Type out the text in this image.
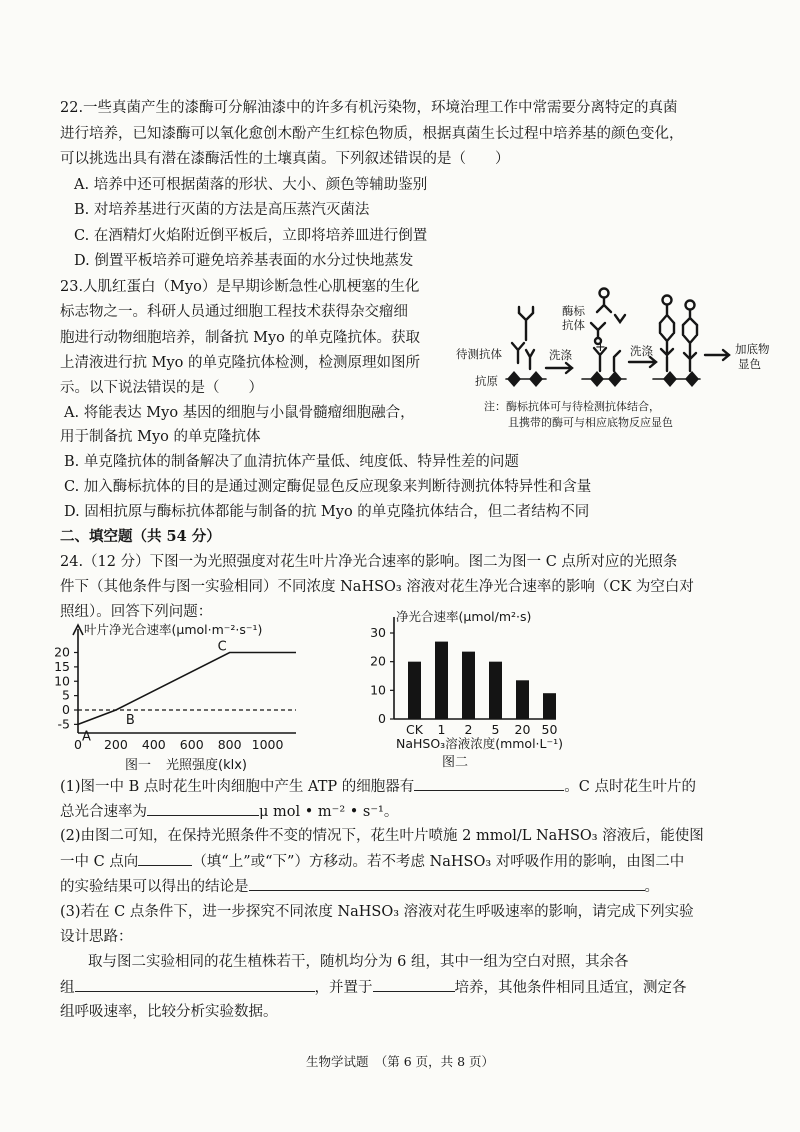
22.一些真菌产生的漆酶可分解油漆中的许多有机污染物，环境治理工作中常需要分离特定的真菌
进行培养，已知漆酶可以氧化愈创木酚产生红棕色物质，根据真菌生长过程中培养基的颜色变化，
可以挑选出具有潜在漆酶活性的土壤真菌。下列叙述错误的是（　　）
A. 培养中还可根据菌落的形状、大小、颜色等辅助鉴别
B. 对培养基进行灭菌的方法是高压蒸汽灭菌法
C. 在酒精灯火焰附近倒平板后，立即将培养皿进行倒置
D. 倒置平板培养可避免培养基表面的水分过快地蒸发
23.人肌红蛋白（Myo）是早期诊断急性心肌梗塞的生化
标志物之一。科研人员通过细胞工程技术获得杂交瘤细
胞进行动物细胞培养，制备抗 Myo 的单克隆抗体。获取
上清液进行抗 Myo 的单克隆抗体检测，检测原理如图所
示。以下说法错误的是（　　）
A. 将能表达 Myo 基因的细胞与小鼠骨髓瘤细胞融合，
用于制备抗 Myo 的单克隆抗体
B. 单克隆抗体的制备解决了血清抗体产量低、纯度低、特异性差的问题
C. 加入酶标抗体的目的是通过测定酶促显色反应现象来判断待测抗体特异性和含量
D. 固相抗原与酶标抗体都能与制备的抗 Myo 的单克隆抗体结合，但二者结构不同
酶标
抗体
+
待测抗体
抗原
洗涤	洗涤	加底物
显色
注：酶标抗体可与待检测抗体结合，
且携带的酶可与相应底物反应显色
二、填空题（共 54 分）
24.（12 分）下图一为光照强度对花生叶片净光合速率的影响。图二为图一 C 点所对应的光照条
件下（其他条件与图一实验相同）不同浓度 NaHSO₃ 溶液对花生净光合速率的影响（CK 为空白对
照组）。回答下列问题：
叶片净光合速率(μmol·m⁻²·s⁻¹)
-5
0
5
10
15
20
0 200 400 600 800 1000
A
B
C
图一 光照强度(klx)
净光合速率(μmol/m²·s)
0
10
20
30
CK 1 2 5 20 50
NaHSO₃溶液浓度(mmol·L⁻¹)
图二
(1)图一中 B 点时花生叶肉细胞中产生 ATP 的细胞器有	。C 点时花生叶片的
总光合速率为	μ mol • m⁻² • s⁻¹。
(2)由图二可知，在保持光照条件不变的情况下，花生叶片喷施 2 mmol/L NaHSO₃ 溶液后，能使图
一中 C 点向	（填“上”或“下”）方移动。若不考虑 NaHSO₃ 对呼吸作用的影响，由图二中
的实验结果可以得出的结论是	。
(3)若在 C 点条件下，进一步探究不同浓度 NaHSO₃ 溶液对花生呼吸速率的影响，请完成下列实验
设计思路：
取与图二实验相同的花生植株若干，随机均分为 6 组，其中一组为空白对照，其余各
组	，并置于	培养，其他条件相同且适宜，测定各
组呼吸速率，比较分析实验数据。
生物学试题　（第 6 页，共 8 页）
